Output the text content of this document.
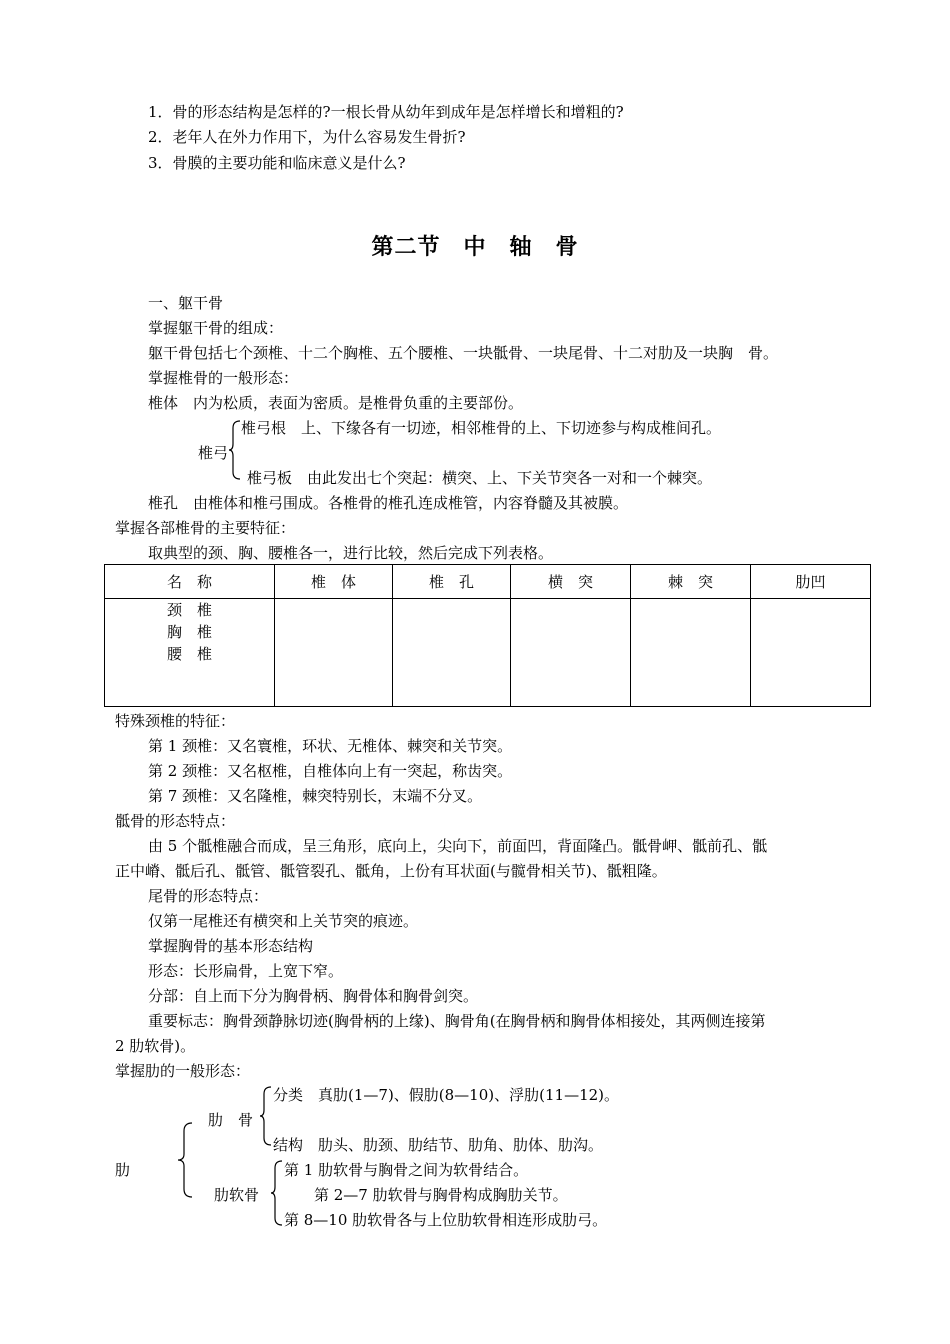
1．骨的形态结构是怎样的?一根长骨从幼年到成年是怎样增长和增粗的?
2．老年人在外力作用下，为什么容易发生骨折?
3．骨膜的主要功能和临床意义是什么?
第二节　中　轴　骨
一、躯干骨
掌握躯干骨的组成：
躯干骨包括七个颈椎、十二个胸椎、五个腰椎、一块骶骨、一块尾骨、十二对肋及一块胸　骨。
掌握椎骨的一般形态：
椎体　内为松质，表面为密质。是椎骨负重的主要部份。
椎弓
椎弓根　上、下缘各有一切迹，相邻椎骨的上、下切迹参与构成椎间孔。
椎弓板　由此发出七个突起：横突、上、下关节突各一对和一个棘突。
椎孔　由椎体和椎弓围成。各椎骨的椎孔连成椎管，内容脊髓及其被膜。
掌握各部椎骨的主要特征：
取典型的颈、胸、腰椎各一，进行比较，然后完成下列表格。
名　称	椎　体	椎　孔	横　突	棘　突	肋凹

颈　椎
胸　椎
腰　椎					

特殊颈椎的特征：
第 1 颈椎：又名寰椎，环状、无椎体、棘突和关节突。
第 2 颈椎：又名枢椎，自椎体向上有一突起，称齿突。
第 7 颈椎：又名隆椎，棘突特别长，末端不分叉。
骶骨的形态特点：
由 5 个骶椎融合而成，呈三角形，底向上，尖向下，前面凹，背面隆凸。骶骨岬、骶前孔、骶
正中嵴、骶后孔、骶管、骶管裂孔、骶角，上份有耳状面(与髋骨相关节)、骶粗隆。
尾骨的形态特点：
仅第一尾椎还有横突和上关节突的痕迹。
掌握胸骨的基本形态结构
形态：长形扁骨，上宽下窄。
分部：自上而下分为胸骨柄、胸骨体和胸骨剑突。
重要标志：胸骨颈静脉切迹(胸骨柄的上缘)、胸骨角(在胸骨柄和胸骨体相接处，其两侧连接第
2 肋软骨)。
掌握肋的一般形态：
肋
肋　骨
分类　真肋(1—7)、假肋(8—10)、浮肋(11—12)。
结构　肋头、肋颈、肋结节、肋角、肋体、肋沟。
肋软骨
第 1 肋软骨与胸骨之间为软骨结合。
第 2—7 肋软骨与胸骨构成胸肋关节。
第 8—10 肋软骨各与上位肋软骨相连形成肋弓。
